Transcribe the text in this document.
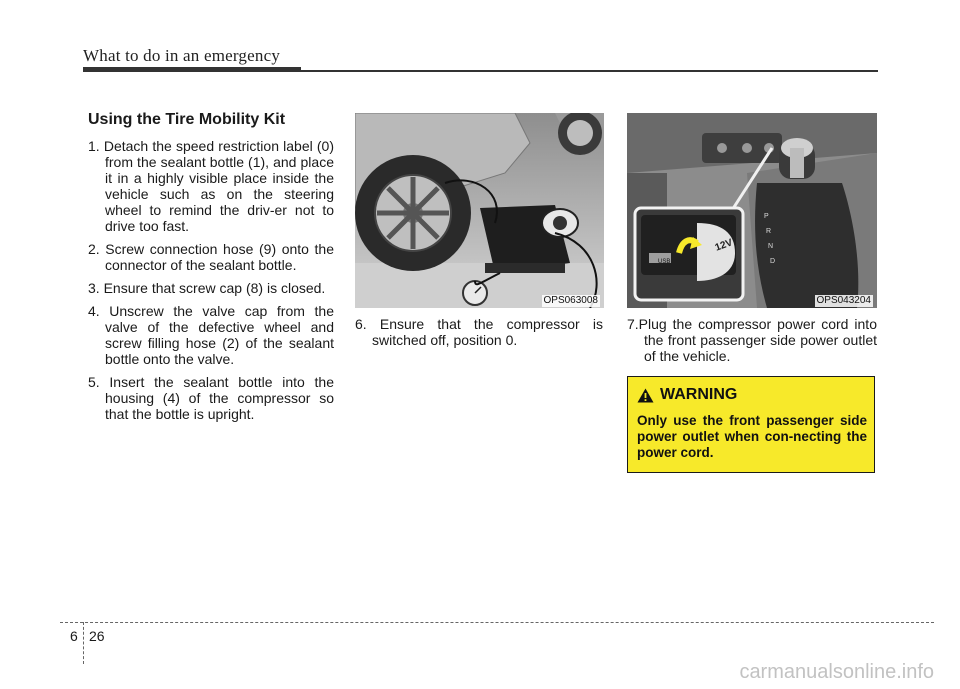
What to do in an emergency
Using the Tire Mobility Kit
1. Detach the speed restriction label (0) from the sealant bottle (1), and place it in a highly visible place inside the vehicle such as on the steering wheel to remind the driv-er not to drive too fast.
2. Screw connection hose (9) onto the connector of the sealant bottle.
3. Ensure that screw cap (8) is closed.
4. Unscrew the valve cap from the valve of the defective wheel and screw filling hose (2) of the sealant bottle onto the valve.
5. Insert the sealant bottle into the housing (4) of the compressor so that the bottle is upright.
OPS063008
6. Ensure that the compressor is switched off, position 0.
P
R
N
D
12V
USB
OPS043204
7.Plug the compressor power cord into the front passenger side power outlet of the vehicle.
WARNING
Only use the front passenger side power outlet when con-necting the power cord.
6 26
carmanualsonline.info
